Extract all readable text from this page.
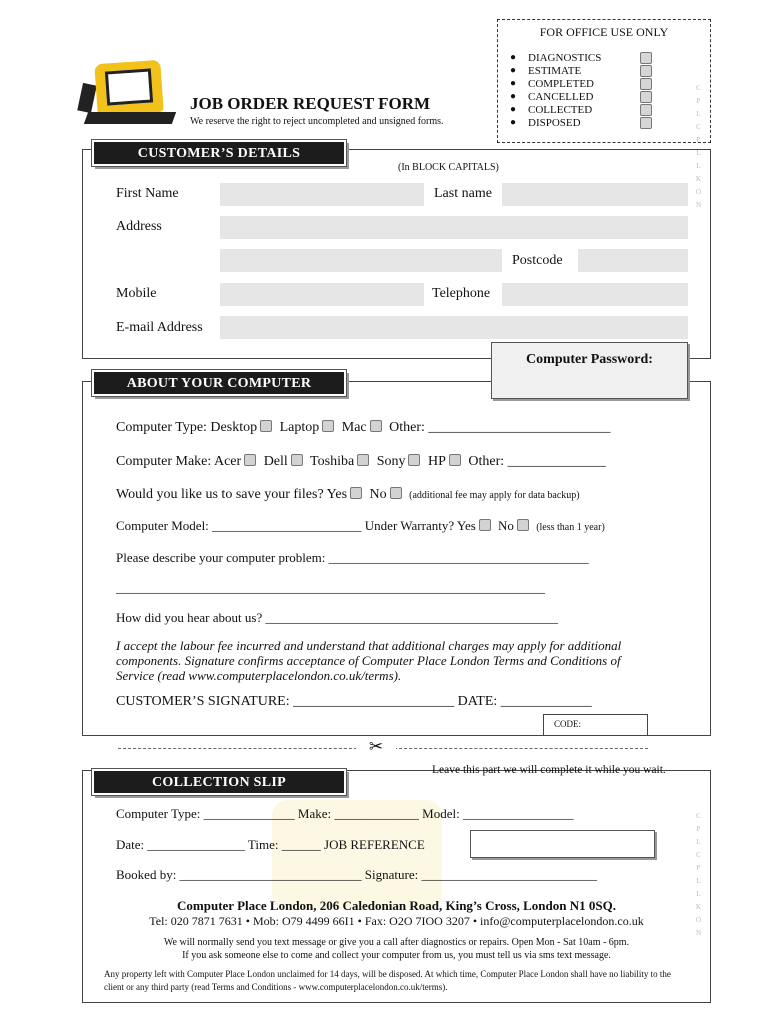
FOR OFFICE USE ONLY
● DIAGNOSTICS
● ESTIMATE
● COMPLETED
● CANCELLED
● COLLECTED
● DISPOSED
JOB ORDER REQUEST FORM
We reserve the right to reject uncompleted and unsigned forms.
CUSTOMER’S DETAILS
(In BLOCK CAPITALS)
First Name	Last name
Address
Postcode
Mobile	Telephone
E-mail Address
ABOUT YOUR COMPUTER
Computer Password:
Computer Type: Desktop Laptop Mac Other: __________________________
Computer Make: Acer Dell Toshiba Sony HP Other: ______________
Would you like us to save your files? Yes No (additional fee may apply for data backup)
Computer Model: _______________________ Under Warranty? Yes No (less than 1 year)
Please describe your computer problem: ________________________________________
__________________________________________________________________
How did you hear about us? _____________________________________________
I accept the labour fee incurred and understand that additional charges may apply for additional components. Signature confirms acceptance of Computer Place London Terms and Conditions of Service (read www.computerplacelondon.co.uk/terms).
CUSTOMER’S SIGNATURE: _______________________ DATE: _____________
CODE:
✂
COLLECTION SLIP
Leave this part we will complete it while you wait.
Computer Type: ______________ Make: _____________ Model: _________________
Date: _______________ Time: ______ JOB REFERENCE
Booked by: ____________________________ Signature: ___________________________
Computer Place London, 206 Caledonian Road, King’s Cross, London N1 0SQ.
Tel: 020 7871 7631 • Mob: O79 4499 66I1 • Fax: O2O 7IOO 3207 • info@computerplacelondon.co.uk
We will normally send you text message or give you a call after diagnostics or repairs. Open Mon - Sat 10am - 6pm.
If you ask someone else to come and collect your computer from us, you must tell us via sms text message.
Any property left with Computer Place London unclaimed for 14 days, will be disposed. At which time, Computer Place London shall have no liability to the client or any third party (read Terms and Conditions - www.computerplacelondon.co.uk/terms).
C P L C P L L K O N
C P L C P L L K O N
